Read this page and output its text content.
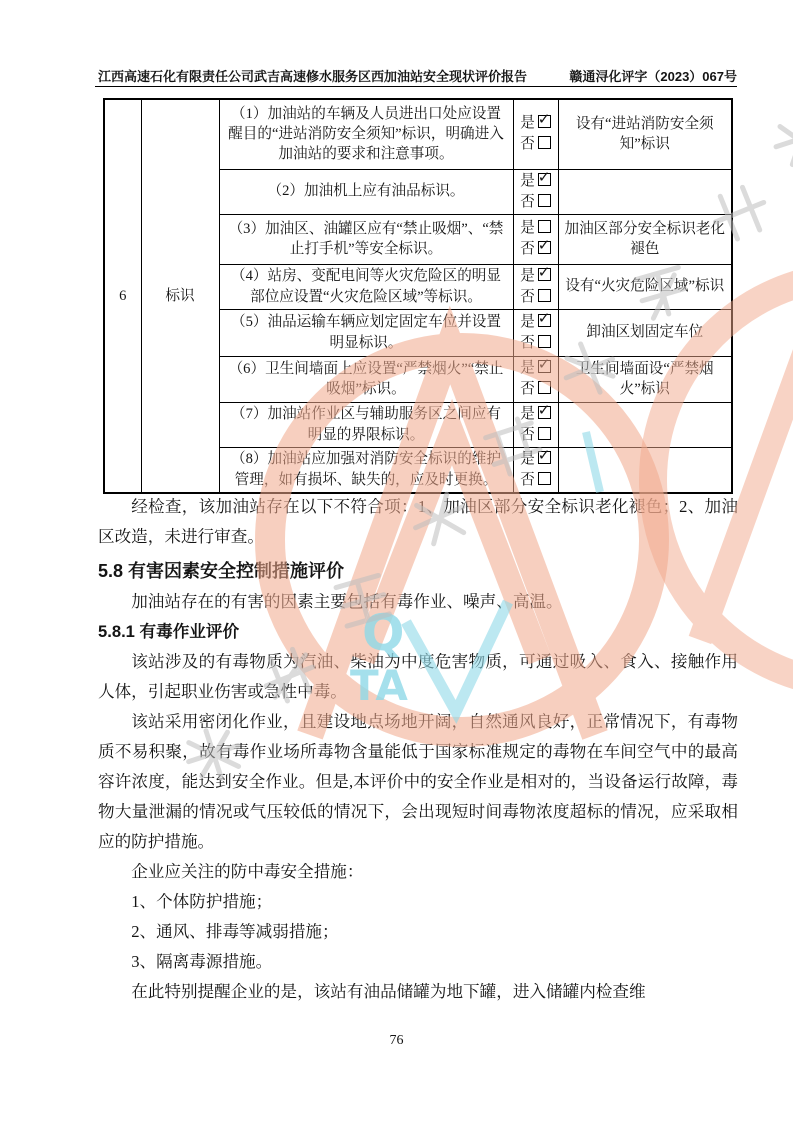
江西高速石化有限责任公司武吉高速修水服务区西加油站安全现状评价报告	赣通浔化评字（2023）067号
6	标识	（1）加油站的车辆及人员进出口处应设置醒目的“进站消防安全须知”标识，明确进入加油站的要求和注意事项。	是✓
否	设有“进站消防安全须知”标识
		（2）加油机上应有油品标识。	是✓
否

		（3）加油区、油罐区应有“禁止吸烟”、“禁止打手机”等安全标识。	是
否✓	加油区部分安全标识老化褪色
		（4）站房、变配电间等火灾危险区的明显部位应设置“火灾危险区域”等标识。	是✓
否	设有“火灾危险区域”标识
		（5）油品运输车辆应划定固定车位并设置明显标识。	是✓
否	卸油区划固定车位
		（6）卫生间墙面上应设置“严禁烟火”“禁止吸烟”标识。	是✓
否	卫生间墙面设“严禁烟火”标识
		（7）加油站作业区与辅助服务区之间应有明显的界限标识。	是✓
否

		（8）加油站应加强对消防安全标识的维护管理，如有损坏、缺失的，应及时更换。	是✓
否

经检查，该加油站存在以下不符合项：1、加油区部分安全标识老化褪色；2、加油区改造，未进行审查。
5.8 有害因素安全控制措施评价
加油站存在的有害的因素主要包括有毒作业、噪声、高温。
5.8.1 有毒作业评价
该站涉及的有毒物质为汽油、柴油为中度危害物质，可通过吸入、食入、接触作用人体，引起职业伤害或急性中毒。
该站采用密闭化作业，且建设地点场地开阔，自然通风良好，正常情况下，有毒物质不易积聚，故有毒作业场所毒物含量能低于国家标准规定的毒物在车间空气中的最高容许浓度，能达到安全作业。但是,本评价中的安全作业是相对的，当设备运行故障，毒物大量泄漏的情况或气压较低的情况下，会出现短时间毒物浓度超标的情况，应采取相应的防护措施。
企业应关注的防中毒安全措施：
1、个体防护措施；
2、通风、排毒等减弱措施；
3、隔离毒源措施。
在此特别提醒企业的是，该站有油品储罐为地下罐，进入储罐内检查维
76
Q
TA
